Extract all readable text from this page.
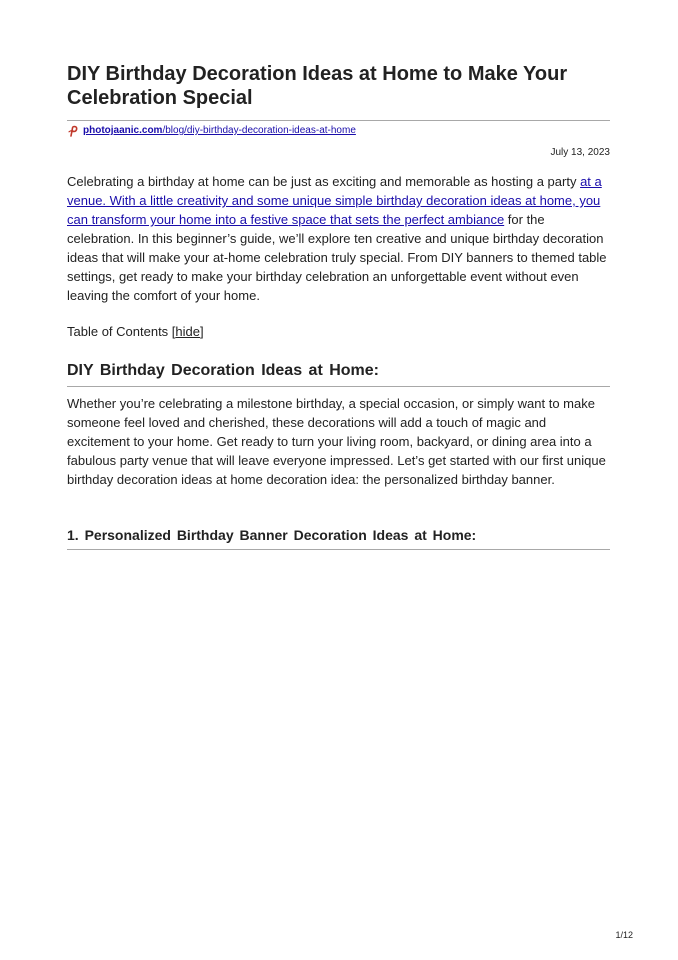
DIY Birthday Decoration Ideas at Home to Make Your Celebration Special
photojaanic.com/blog/diy-birthday-decoration-ideas-at-home
July 13, 2023

Celebrating a birthday at home can be just as exciting and memorable as hosting a party at a venue. With a little creativity and some unique simple birthday decoration ideas at home, you can transform your home into a festive space that sets the perfect ambiance for the celebration. In this beginner’s guide, we’ll explore ten creative and unique birthday decoration ideas that will make your at-home celebration truly special. From DIY banners to themed table settings, get ready to make your birthday celebration an unforgettable event without even leaving the comfort of your home.

Table of Contents [hide]
DIY Birthday Decoration Ideas at Home:

Whether you’re celebrating a milestone birthday, a special occasion, or simply want to make someone feel loved and cherished, these decorations will add a touch of magic and excitement to your home. Get ready to turn your living room, backyard, or dining area into a fabulous party venue that will leave everyone impressed. Let’s get started with our first unique birthday decoration ideas at home decoration idea: the personalized birthday banner.

1. Personalized Birthday Banner Decoration Ideas at Home:
1/12
